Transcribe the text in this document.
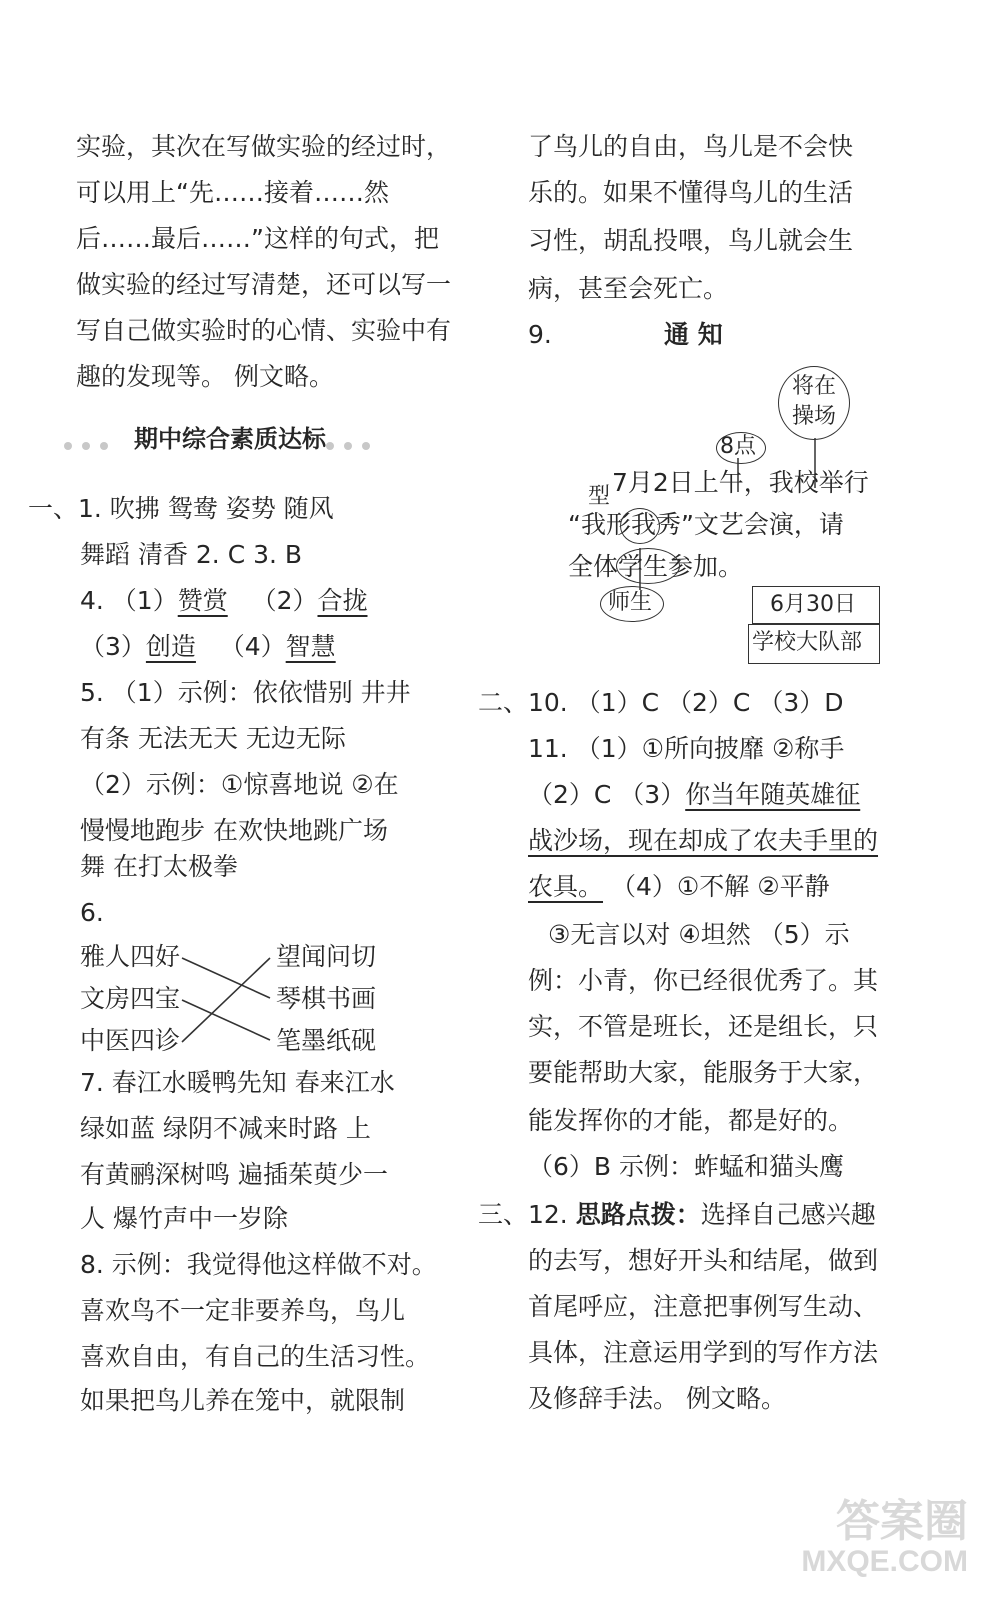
实验，其次在写做实验的经过时，
可以用上“先……接着……然
后……最后……”这样的句式，把
做实验的经过写清楚，还可以写一
写自己做实验时的心情、实验中有
趣的发现等。 例文略。
期中综合素质达标
一、1. 吹拂 鸳鸯 姿势 随风
舞蹈 清香 2. C 3. B
4. （1）赞赏 （2）合拢
（3）创造 （4）智慧
5. （1）示例：依依惜别 井井
有条 无法无天 无边无际
（2）示例：①惊喜地说 ②在
慢慢地跑步 在欢快地跳广场
舞 在打太极拳
6.
雅人四好
文房四宝
中医四诊
望闻问切
琴棋书画
笔墨纸砚
7. 春江水暖鸭先知 春来江水
绿如蓝 绿阴不减来时路 上
有黄鹂深树鸣 遍插茱萸少一
人 爆竹声中一岁除
8. 示例：我觉得他这样做不对。
喜欢鸟不一定非要养鸟，鸟儿
喜欢自由，有自己的生活习性。
如果把鸟儿养在笼中，就限制
了鸟儿的自由，鸟儿是不会快
乐的。如果不懂得鸟儿的生活
习性，胡乱投喂，鸟儿就会生
病，甚至会死亡。
9.	通 知
将在
操场
8点
型 7月2日上午，我校举行
“我形我秀”文艺会演，请
全体学生参加。
师生	6月30日
学校大队部
二、10. （1）C （2）C （3）D
11. （1）①所向披靡 ②称手
（2）C （3）你当年随英雄征
战沙场，现在却成了农夫手里的
农具。 （4）①不解 ②平静
③无言以对 ④坦然 （5）示
例：小青，你已经很优秀了。其
实，不管是班长，还是组长，只
要能帮助大家，能服务于大家，
能发挥你的才能，都是好的。
（6）B 示例：蚱蜢和猫头鹰
三、12. 思路点拨：选择自己感兴趣
的去写，想好开头和结尾，做到
首尾呼应，注意把事例写生动、
具体，注意运用学到的写作方法
及修辞手法。 例文略。
答案圈
MXQE.COM
